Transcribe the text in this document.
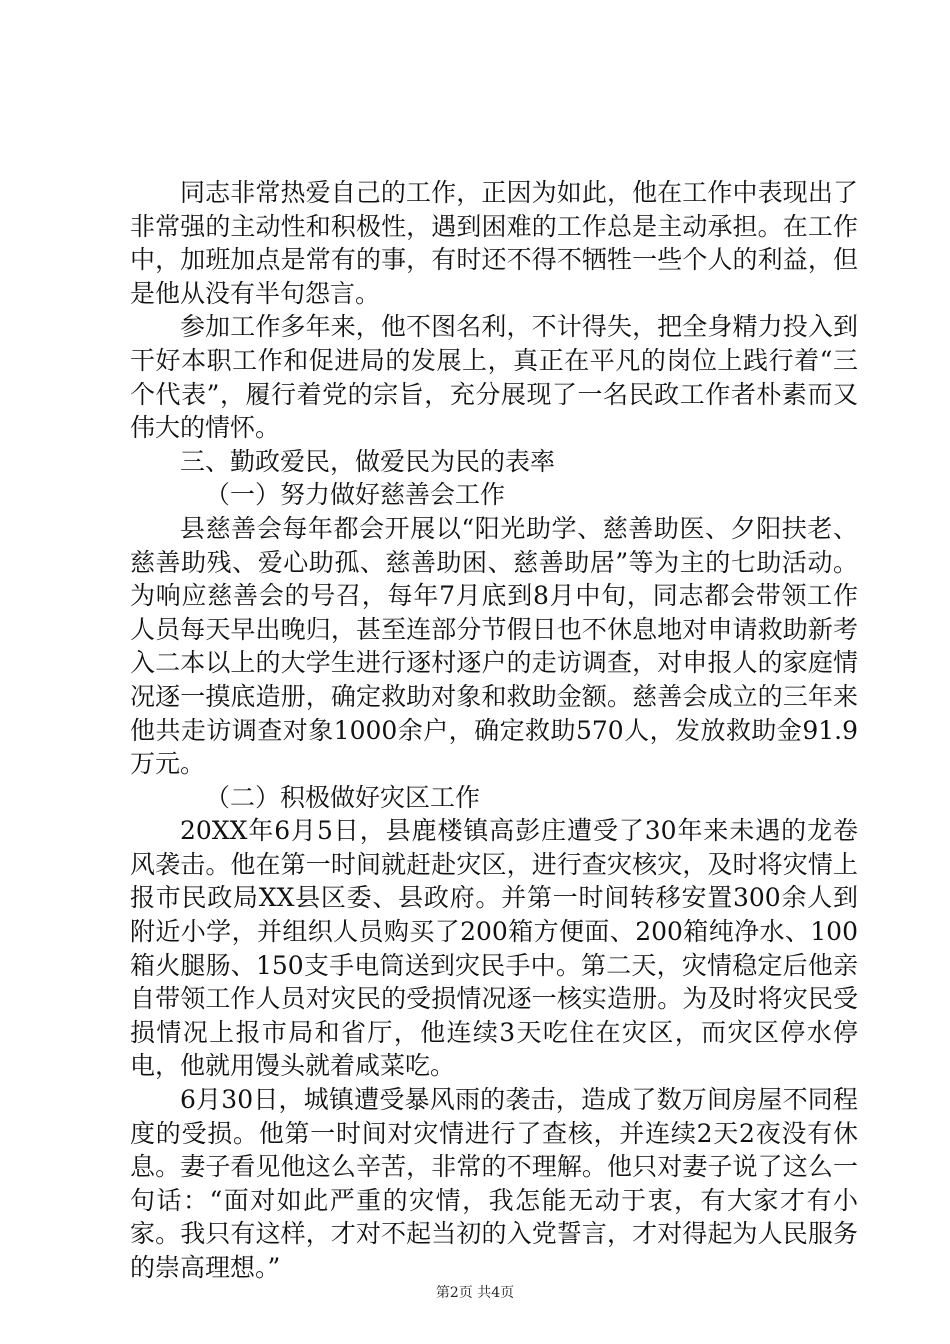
同志非常热爱自己的工作，正因为如此，他在工作中表现出了非常强的主动性和积极性，遇到困难的工作总是主动承担。在工作中，加班加点是常有的事，有时还不得不牺牲一些个人的利益，但是他从没有半句怨言。

参加工作多年来，他不图名利，不计得失，把全身精力投入到干好本职工作和促进局的发展上，真正在平凡的岗位上践行着“三个代表”，履行着党的宗旨，充分展现了一名民政工作者朴素而又伟大的情怀。

三、勤政爱民，做爱民为民的表率

（一）努力做好慈善会工作

县慈善会每年都会开展以“阳光助学、慈善助医、夕阳扶老、慈善助残、爱心助孤、慈善助困、慈善助居”等为主的七助活动。为响应慈善会的号召，每年7月底到8月中旬，同志都会带领工作人员每天早出晚归，甚至连部分节假日也不休息地对申请救助新考入二本以上的大学生进行逐村逐户的走访调查，对申报人的家庭情况逐一摸底造册，确定救助对象和救助金额。慈善会成立的三年来他共走访调查对象1000余户，确定救助570人，发放救助金91.9万元。

（二）积极做好灾区工作

20XX年6月5日，县鹿楼镇高彭庄遭受了30年来未遇的龙卷风袭击。他在第一时间就赶赴灾区，进行查灾核灾，及时将灾情上报市民政局XX县区委、县政府。并第一时间转移安置300余人到附近小学，并组织人员购买了200箱方便面、200箱纯净水、100箱火腿肠、150支手电筒送到灾民手中。第二天，灾情稳定后他亲自带领工作人员对灾民的受损情况逐一核实造册。为及时将灾民受损情况上报市局和省厅，他连续3天吃住在灾区，而灾区停水停电，他就用馒头就着咸菜吃。

6月30日，城镇遭受暴风雨的袭击，造成了数万间房屋不同程度的受损。他第一时间对灾情进行了查核，并连续2天2夜没有休息。妻子看见他这么辛苦，非常的不理解。他只对妻子说了这么一句话：“面对如此严重的灾情，我怎能无动于衷，有大家才有小家。我只有这样，才对不起当初的入党誓言，才对得起为人民服务的崇高理想。”

第2页 共4页
